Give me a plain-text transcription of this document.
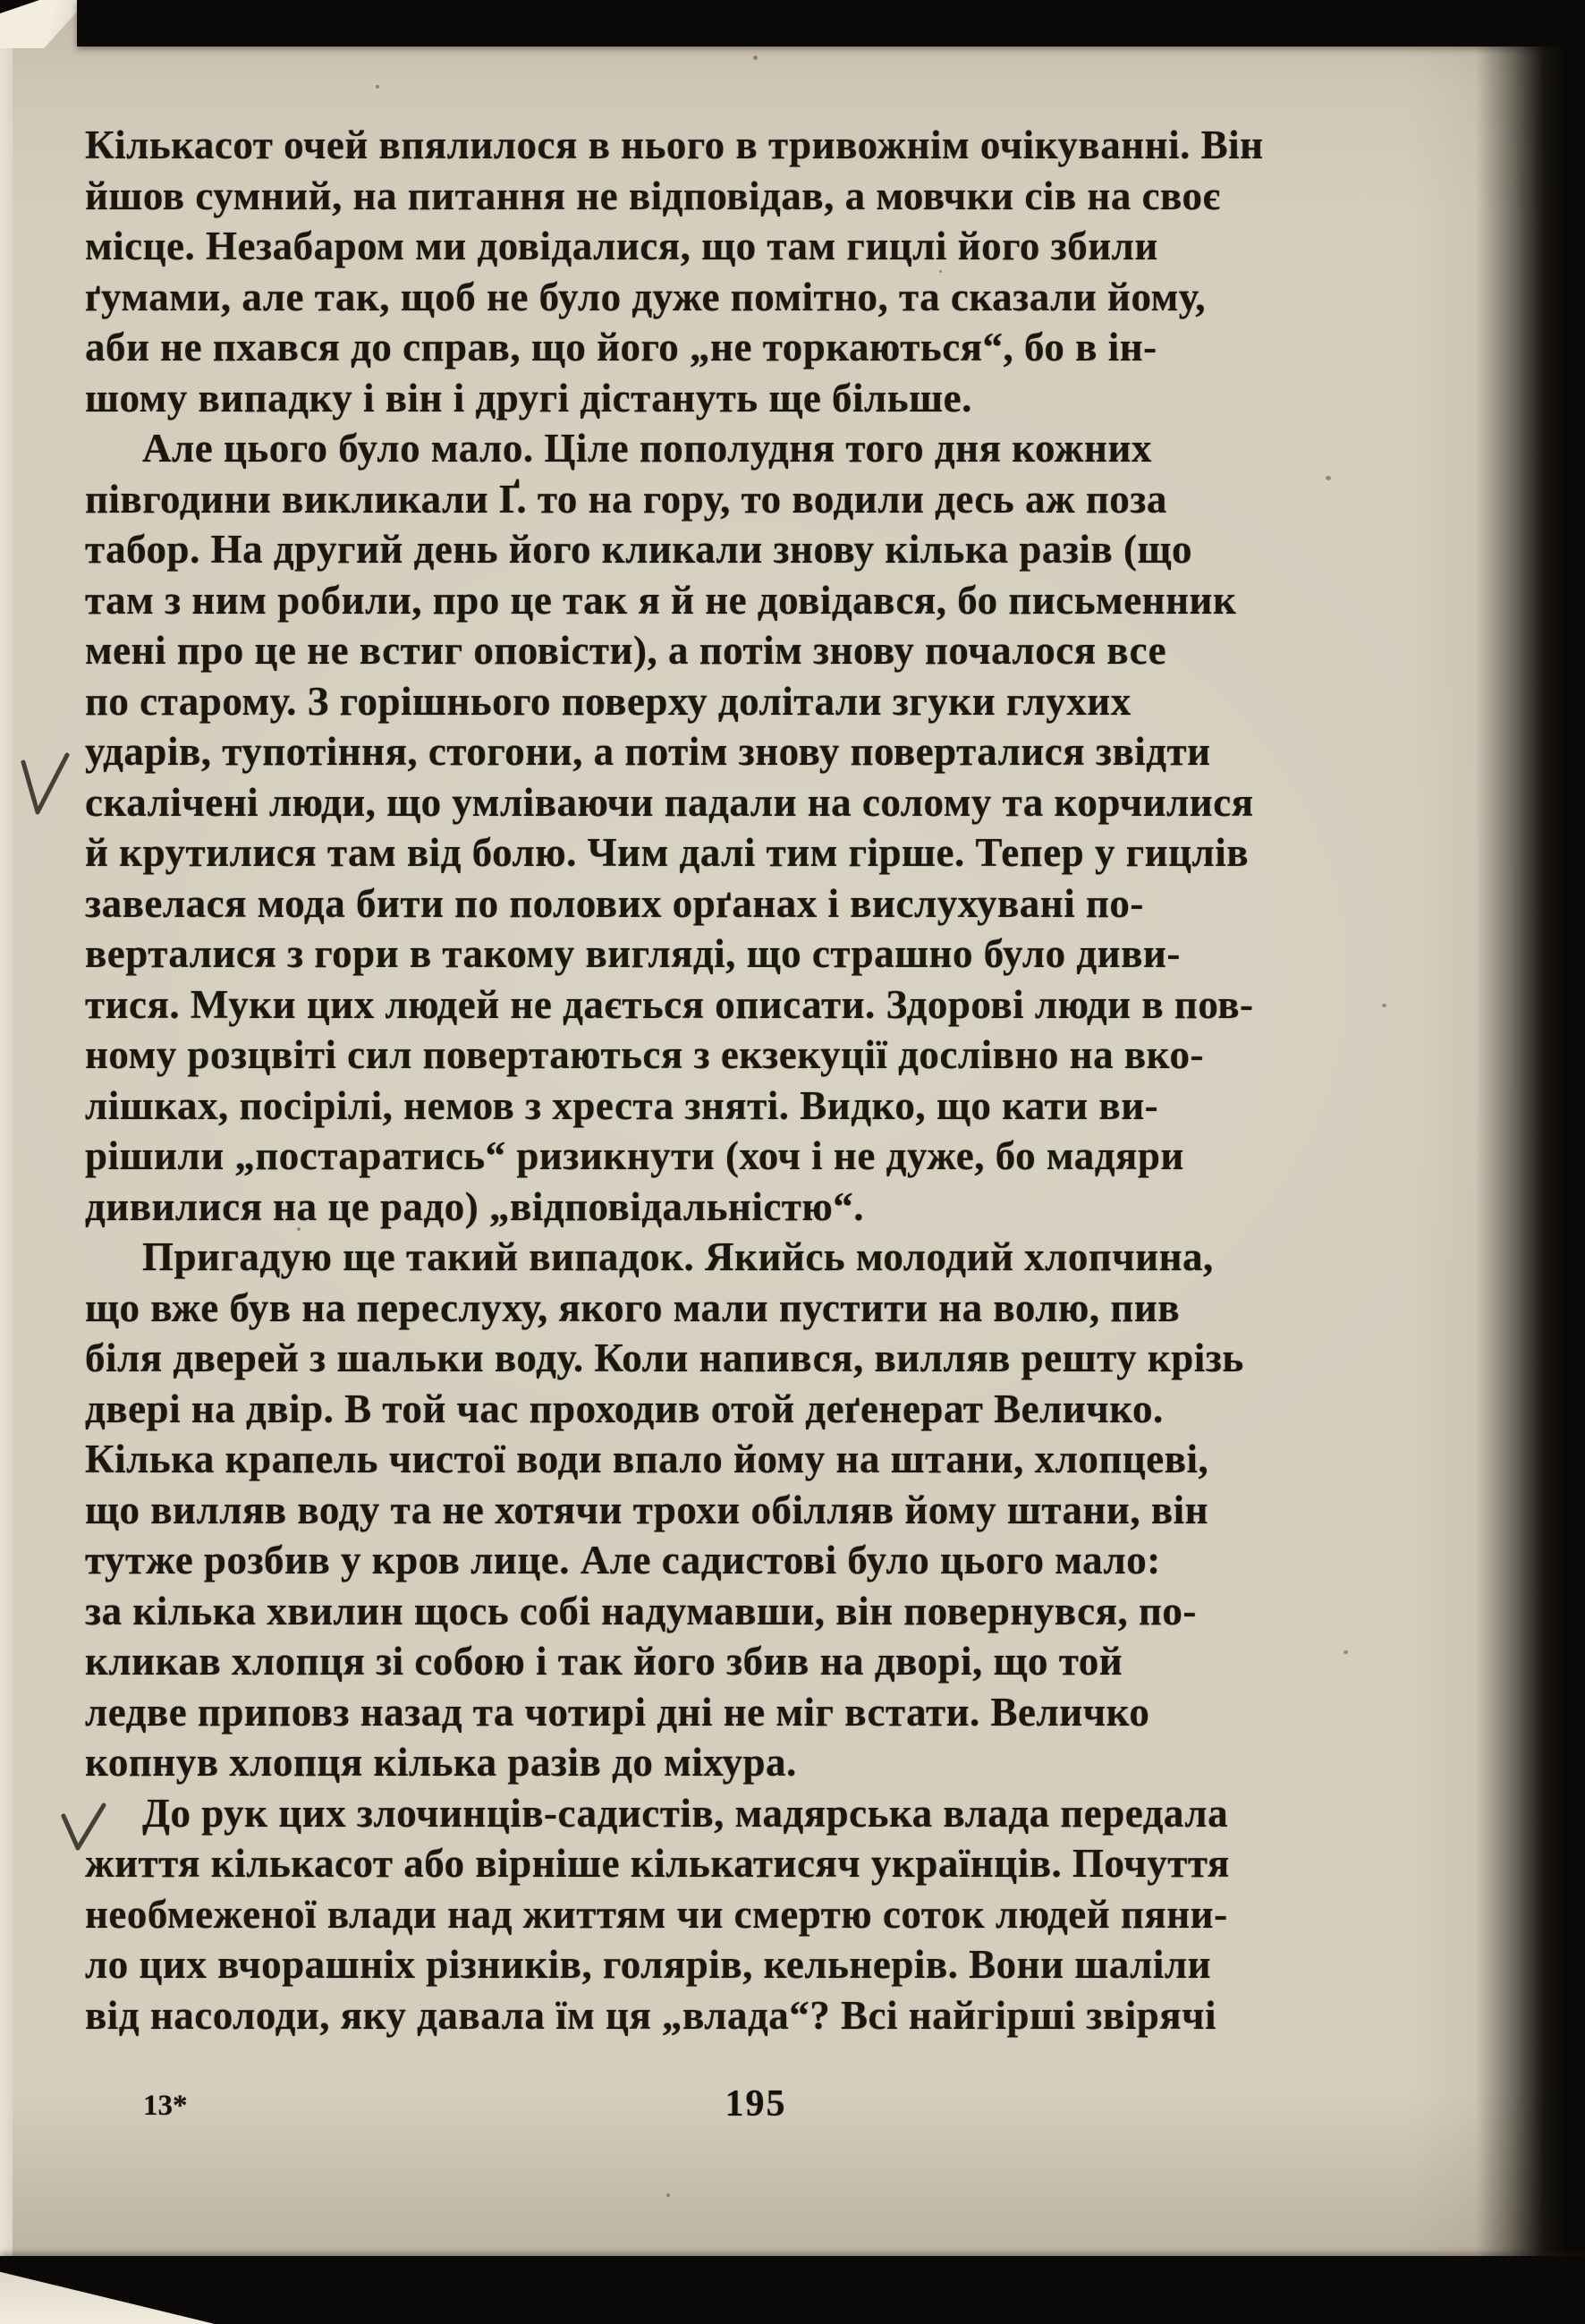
Кількасот очей впялилося в нього в тривожнім очікуванні. Він
йшов сумний, на питання не відповідав, а мовчки сів на своє
місце. Незабаром ми довідалися, що там гицлі його збили
ґумами, але так, щоб не було дуже помітно, та сказали йому,
аби не пхався до справ, що його „не торкаються“, бо в ін-
шому випадку і він і другі дістануть ще більше.
Але цього було мало. Ціле пополудня того дня кожних
півгодини викликали Ґ. то на гору, то водили десь аж поза
табор. На другий день його кликали знову кілька разів (що
там з ним робили, про це так я й не довідався, бо письменник
мені про це не встиг оповісти), а потім знову почалося все
по старому. З горішнього поверху долітали згуки глухих
ударів, тупотіння, стогони, а потім знову поверталися звідти
скалічені люди, що умліваючи падали на солому та корчилися
й крутилися там від болю. Чим далі тим гірше. Тепер у гицлів
завелася мода бити по полових орґанах і вислухувані по-
верталися з гори в такому вигляді, що страшно було диви-
тися. Муки цих людей не дається описати. Здорові люди в пов-
ному розцвіті сил повертаються з екзекуції дослівно на вко-
лішках, посірілі, немов з хреста зняті. Видко, що кати ви-
рішили „постаратись“ ризикнути (хоч і не дуже, бо мадяри
дивилися на це радо) „відповідальністю“.
Пригадую ще такий випадок. Якийсь молодий хлопчина,
що вже був на переслуху, якого мали пустити на волю, пив
біля дверей з шальки воду. Коли напився, вилляв решту крізь
двері на двір. В той час проходив отой деґенерат Величко.
Кілька крапель чистої води впало йому на штани, хлопцеві,
що вилляв воду та не хотячи трохи обілляв йому штани, він
тутже розбив у кров лице. Але садистові було цього мало:
за кілька хвилин щось собі надумавши, він повернувся, по-
кликав хлопця зі собою і так його збив на дворі, що той
ледве приповз назад та чотирі дні не міг встати. Величко
копнув хлопця кілька разів до міхура.
До рук цих злочинців-садистів, мадярська влада передала
життя кількасот або вірніше кількатисяч українців. Почуття
необмеженої влади над життям чи смертю соток людей пяни-
ло цих вчорашніх різників, голярів, кельнерів. Вони шаліли
від насолоди, яку давала їм ця „влада“? Всі найгірші звірячі
13*	195
